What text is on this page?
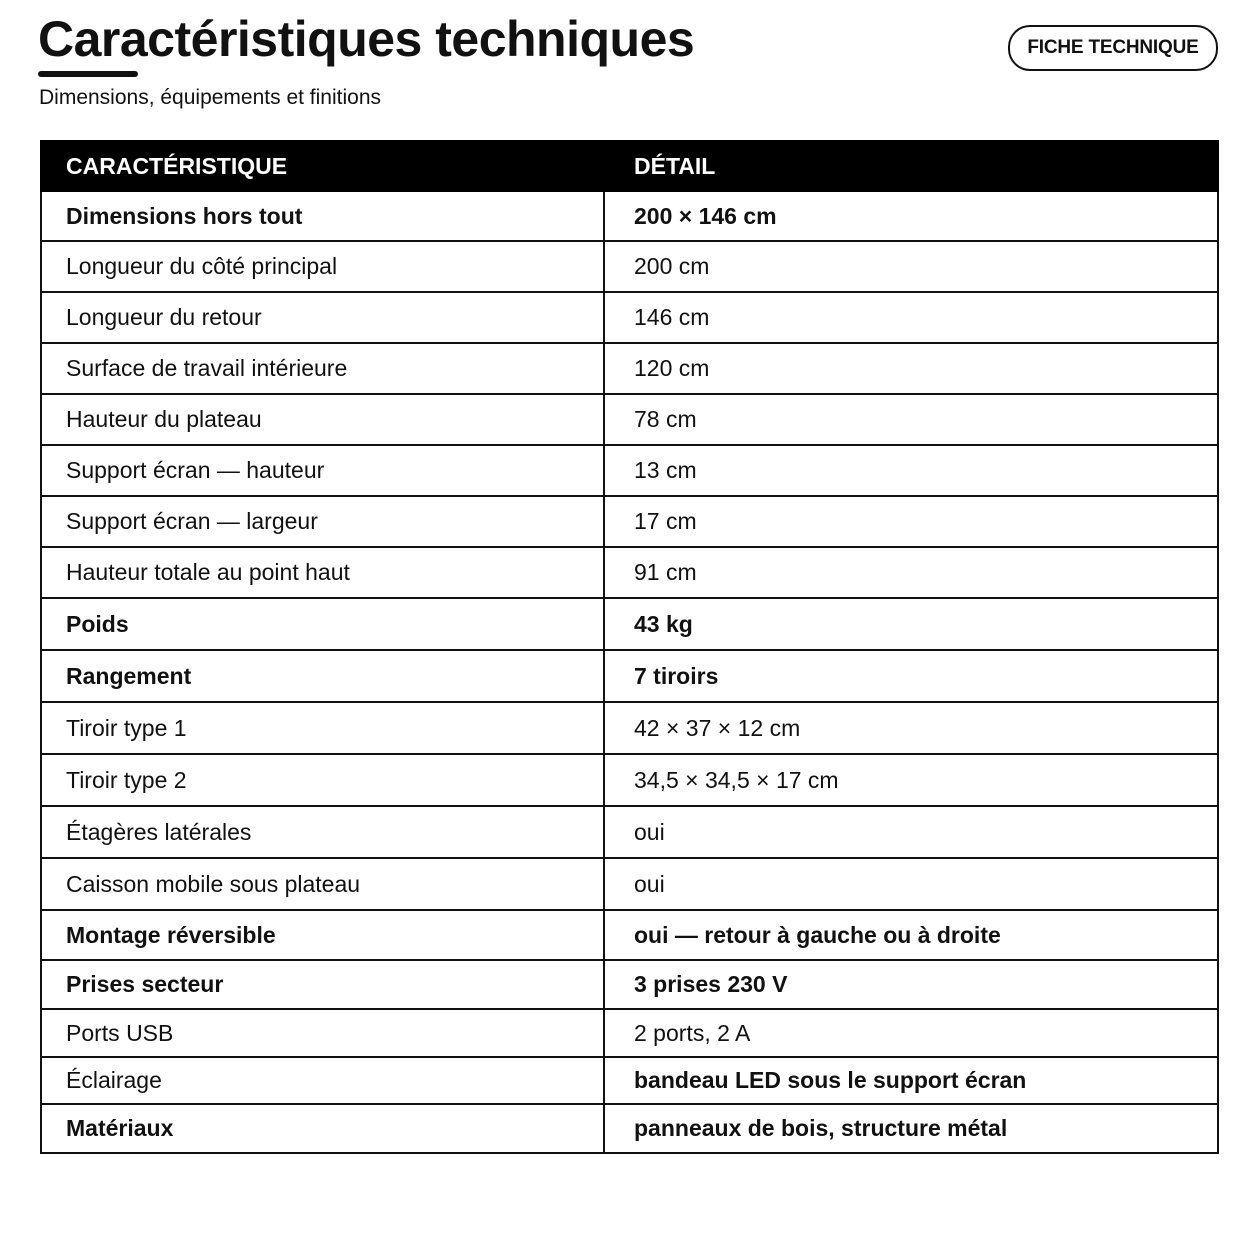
Caractéristiques techniques
Dimensions, équipements et finitions
FICHE TECHNIQUE
CARACTÉRISTIQUE	DÉTAIL
Dimensions hors tout	200 × 146 cm
Longueur du côté principal	200 cm
Longueur du retour	146 cm
Surface de travail intérieure	120 cm
Hauteur du plateau	78 cm
Support écran — hauteur	13 cm
Support écran — largeur	17 cm
Hauteur totale au point haut	91 cm
Poids	43 kg
Rangement	7 tiroirs
Tiroir type 1	42 × 37 × 12 cm
Tiroir type 2	34,5 × 34,5 × 17 cm
Étagères latérales	oui
Caisson mobile sous plateau	oui
Montage réversible	oui — retour à gauche ou à droite
Prises secteur	3 prises 230 V
Ports USB	2 ports, 2 A
Éclairage	bandeau LED sous le support écran
Matériaux	panneaux de bois, structure métal
